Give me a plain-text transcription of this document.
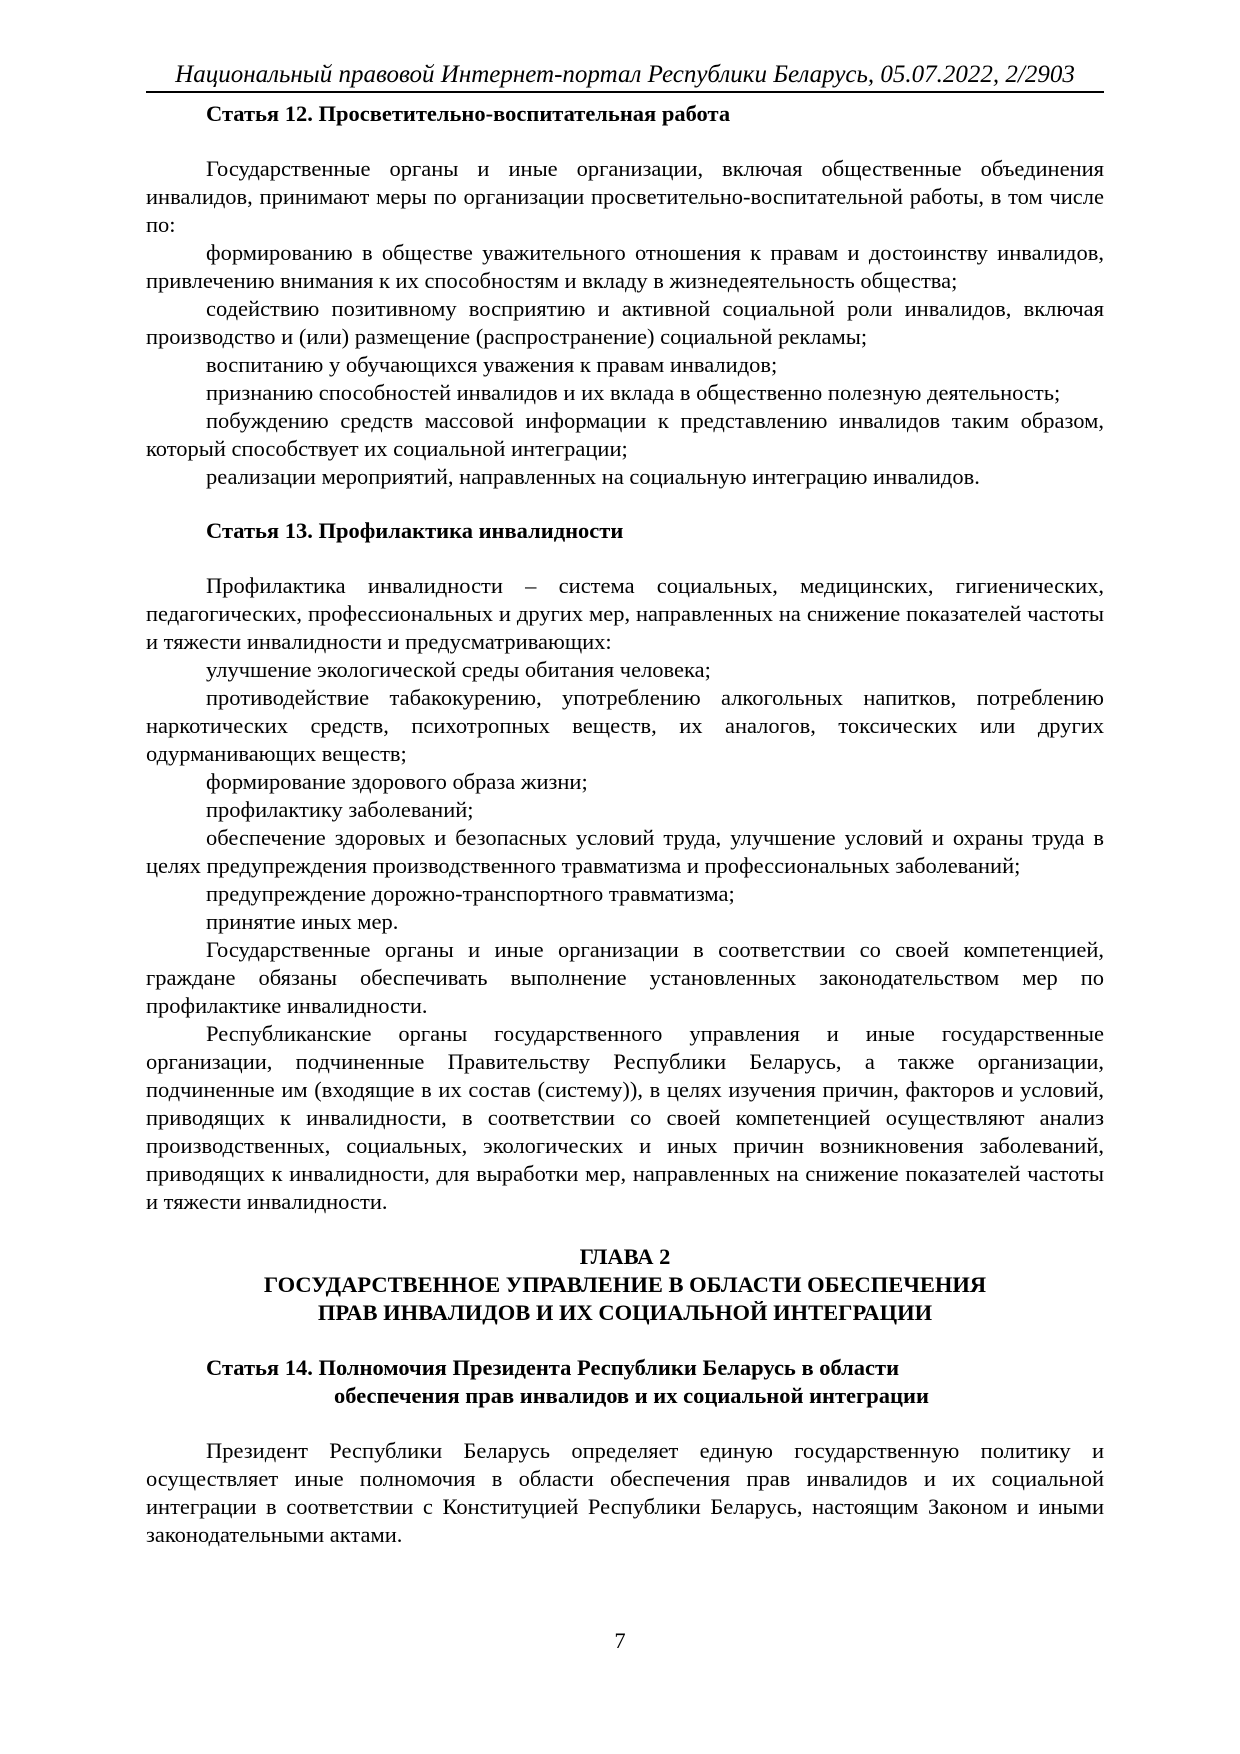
Национальный правовой Интернет-портал Республики Беларусь, 05.07.2022, 2/2903
Статья 12. Просветительно-воспитательная работа

Государственные органы и иные организации, включая общественные объединения инвалидов, принимают меры по организации просветительно-воспитательной работы, в том числе по:

формированию в обществе уважительного отношения к правам и достоинству инвалидов, привлечению внимания к их способностям и вкладу в жизнедеятельность общества;

содействию позитивному восприятию и активной социальной роли инвалидов, включая производство и (или) размещение (распространение) социальной рекламы;

воспитанию у обучающихся уважения к правам инвалидов;

признанию способностей инвалидов и их вклада в общественно полезную деятельность;

побуждению средств массовой информации к представлению инвалидов таким образом, который способствует их социальной интеграции;

реализации мероприятий, направленных на социальную интеграцию инвалидов.

Статья 13. Профилактика инвалидности

Профилактика инвалидности – система социальных, медицинских, гигиенических, педагогических, профессиональных и других мер, направленных на снижение показателей частоты и тяжести инвалидности и предусматривающих:

улучшение экологической среды обитания человека;

противодействие табакокурению, употреблению алкогольных напитков, потреблению наркотических средств, психотропных веществ, их аналогов, токсических или других одурманивающих веществ;

формирование здорового образа жизни;

профилактику заболеваний;

обеспечение здоровых и безопасных условий труда, улучшение условий и охраны труда в целях предупреждения производственного травматизма и профессиональных заболеваний;

предупреждение дорожно-транспортного травматизма;

принятие иных мер.

Государственные органы и иные организации в соответствии со своей компетенцией, граждане обязаны обеспечивать выполнение установленных законодательством мер по профилактике инвалидности.

Республиканские органы государственного управления и иные государственные организации, подчиненные Правительству Республики Беларусь, а также организации, подчиненные им (входящие в их состав (систему)), в целях изучения причин, факторов и условий, приводящих к инвалидности, в соответствии со своей компетенцией осуществляют анализ производственных, социальных, экологических и иных причин возникновения заболеваний, приводящих к инвалидности, для выработки мер, направленных на снижение показателей частоты и тяжести инвалидности.

ГЛАВА 2

ГОСУДАРСТВЕННОЕ УПРАВЛЕНИЕ В ОБЛАСТИ ОБЕСПЕЧЕНИЯ

ПРАВ ИНВАЛИДОВ И ИХ СОЦИАЛЬНОЙ ИНТЕГРАЦИИ

Статья 14. Полномочия Президента Республики Беларусь в области
обеспечения прав инвалидов и их социальной интеграции

Президент Республики Беларусь определяет единую государственную политику и осуществляет иные полномочия в области обеспечения прав инвалидов и их социальной интеграции в соответствии с Конституцией Республики Беларусь, настоящим Законом и иными законодательными актами.

7
